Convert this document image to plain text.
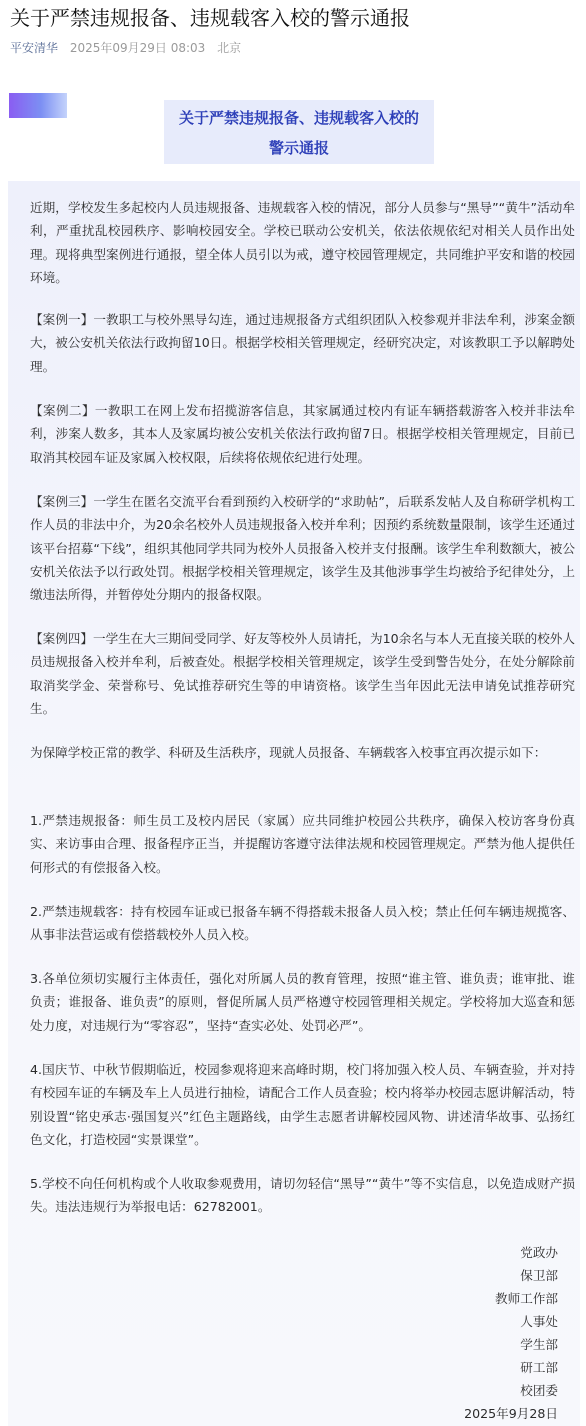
关于严禁违规报备、违规载客入校的警示通报
平安清华 2025年09月29日 08:03 北京
关于严禁违规报备、违规载客入校的
警示通报

近期，学校发生多起校内人员违规报备、违规载客入校的情况，部分人员参与“黑导”“黄牛”活动牟利，严重扰乱校园秩序、影响校园安全。学校已联动公安机关，依法依规依纪对相关人员作出处理。现将典型案例进行通报，望全体人员引以为戒，遵守校园管理规定，共同维护平安和谐的校园环境。

【案例一】一教职工与校外黑导勾连，通过违规报备方式组织团队入校参观并非法牟利，涉案金额大，被公安机关依法行政拘留10日。根据学校相关管理规定，经研究决定，对该教职工予以解聘处理。

【案例二】一教职工在网上发布招揽游客信息，其家属通过校内有证车辆搭载游客入校并非法牟利，涉案人数多，其本人及家属均被公安机关依法行政拘留7日。根据学校相关管理规定，目前已取消其校园车证及家属入校权限，后续将依规依纪进行处理。

【案例三】一学生在匿名交流平台看到预约入校研学的“求助帖”，后联系发帖人及自称研学机构工作人员的非法中介，为20余名校外人员违规报备入校并牟利；因预约系统数量限制，该学生还通过该平台招募“下线”，组织其他同学共同为校外人员报备入校并支付报酬。该学生牟利数额大，被公安机关依法予以行政处罚。根据学校相关管理规定，该学生及其他涉事学生均被给予纪律处分，上缴违法所得，并暂停处分期内的报备权限。

【案例四】一学生在大三期间受同学、好友等校外人员请托，为10余名与本人无直接关联的校外人员违规报备入校并牟利，后被查处。根据学校相关管理规定，该学生受到警告处分，在处分解除前取消奖学金、荣誉称号、免试推荐研究生等的申请资格。该学生当年因此无法申请免试推荐研究生。

为保障学校正常的教学、科研及生活秩序，现就人员报备、车辆载客入校事宜再次提示如下：

1.严禁违规报备：师生员工及校内居民（家属）应共同维护校园公共秩序，确保入校访客身份真实、来访事由合理、报备程序正当，并提醒访客遵守法律法规和校园管理规定。严禁为他人提供任何形式的有偿报备入校。

2.严禁违规载客：持有校园车证或已报备车辆不得搭载未报备人员入校；禁止任何车辆违规揽客、从事非法营运或有偿搭载校外人员入校。

3.各单位须切实履行主体责任，强化对所属人员的教育管理，按照“谁主管、谁负责；谁审批、谁负责；谁报备、谁负责”的原则，督促所属人员严格遵守校园管理相关规定。学校将加大巡查和惩处力度，对违规行为“零容忍”，坚持“查实必处、处罚必严”。

4.国庆节、中秋节假期临近，校园参观将迎来高峰时期，校门将加强入校人员、车辆查验，并对持有校园车证的车辆及车上人员进行抽检，请配合工作人员查验；校内将举办校园志愿讲解活动，特别设置“铭史承志·强国复兴”红色主题路线，由学生志愿者讲解校园风物、讲述清华故事、弘扬红色文化，打造校园“实景课堂”。

5.学校不向任何机构或个人收取参观费用，请切勿轻信“黑导”“黄牛”等不实信息，以免造成财产损失。违法违规行为举报电话：62782001。

党政办
保卫部
教师工作部
人事处
学生部
研工部
校团委
2025年9月28日
